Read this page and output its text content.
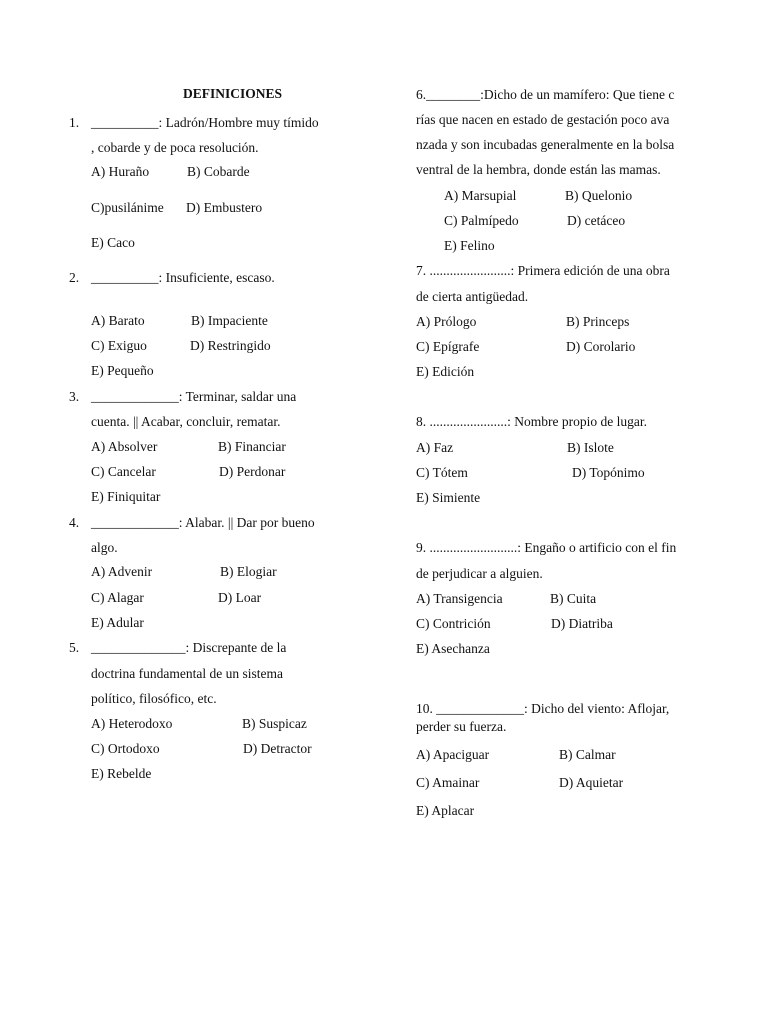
DEFINICIONES
1. __________: Ladrón/Hombre muy tímido
, cobarde y de poca resolución.
A) Huraño	B) Cobarde
C)pusilánime D) Embustero
E) Caco
2. __________: Insuficiente, escaso.
A) Barato	B) Impaciente
C) Exiguo	D) Restringido
E) Pequeño
3. _____________: Terminar, saldar una
cuenta. || Acabar, concluir, rematar.
A) Absolver	B) Financiar
C) Cancelar	D) Perdonar
E) Finiquitar
4. _____________: Alabar. || Dar por bueno
algo.
A) Advenir	B) Elogiar
C) Alagar	D) Loar
E) Adular
5. ______________: Discrepante de la
doctrina fundamental de un sistema
político, filosófico, etc.
A) Heterodoxo	B) Suspicaz
C) Ortodoxo	D) Detractor
E) Rebelde
6.________:Dicho de un mamífero: Que tiene c
rías que nacen en estado de gestación poco ava
nzada y son incubadas generalmente en la bolsa
ventral de la hembra, donde están las mamas.
A) Marsupial	B) Quelonio
C) Palmípedo	D) cetáceo
E) Felino
7. ........................: Primera edición de una obra
de cierta antigüedad.
A) Prólogo	B) Princeps
C) Epígrafe	D) Corolario
E) Edición
8. .......................: Nombre propio de lugar.
A) Faz	B) Islote
C) Tótem	D) Topónimo
E) Simiente
9. ..........................: Engaño o artificio con el fin
de perjudicar a alguien.
A) Transigencia	B) Cuita
C) Contrición	D) Diatriba
E) Asechanza
10. _____________: Dicho del viento: Aflojar,
perder su fuerza.
A) Apaciguar	B) Calmar
C) Amainar	D) Aquietar
E) Aplacar
